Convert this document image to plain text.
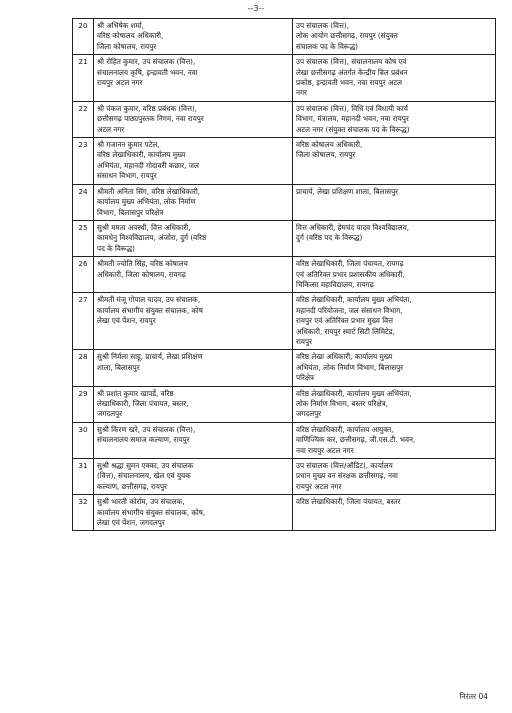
--3--
20	श्री अभिषेक शर्मा,
वरिष्ठ कोषालय अधिकारी,
जिला कोषालय, रायपुर	उप संचालक (वित्त),
लोक आयोग छत्तीसगढ़, रायपुर (संयुक्त
संचालक पद के विरूद्ध)
21	श्री रोहित कुमार, उप संचालक (वित्त),
संचालनालय कृषि, इन्द्रावती भवन, नवा
रायपुर अटल नगर	उप संचालक (वित्त), संचालनालय कोष एवं
लेखा छत्तीसगढ़ अंतर्गत केन्द्रीय बिल प्रबंधन
प्रकोष्ठ, इन्द्रावती भवन, नवा रायपुर अटल
नगर
22	श्री पंकज कुमार, वरिष्ठ प्रबंधक (वित्त),
छत्तीसगढ़ पाठ्यपुस्तक निगम, नवा रायपुर
अटल नगर	उप संचालक (वित्त), विधि एवं विधायी कार्य
विभाग, मंत्रालय, महानदी भवन, नवा रायपुर
अटल नगर (संयुक्त संचालक पद के विरूद्ध)
23	श्री गजानन कुमार पटेल,
वरिष्ठ लेखाधिकारी, कार्यालय मुख्य
अभियंता, महानदी गोदावरी कछार, जल
संसाधन विभाग, रायपुर	वरिष्ठ कोषालय अधिकारी,
जिला कोषालय, रायपुर
24	श्रीमती अनिता सिंग, वरिष्ठ लेखाधिकारी,
कार्यालय मुख्य अभियंता, लोक निर्माण
विभाग, बिलासपुर परिक्षेत्र	प्राचार्य, लेखा प्रशिक्षण शाला, बिलासपुर
25	सुश्री ममता अवस्थी, वित्त अधिकारी,
कामधेनु विश्वविद्यालय, अंजोरा, दुर्ग (वरिष्ठ
पद के विरूद्ध)	वित्त अधिकारी, हेमचंद यादव विश्वविद्यालय,
दुर्ग (वरिष्ठ पद के विरूद्ध)
26	श्रीमती ज्योति सिंह, वरिष्ठ कोषालय
अधिकारी, जिला कोषालय, रायगढ़	वरिष्ठ लेखाधिकारी, जिला पंचायत, रायगढ़
एवं अतिरिक्त प्रभार प्रशासकीय अधिकारी,
चिकित्सा महाविद्यालय, रायगढ़
27	श्रीमती मंजू गोपाल यादव, उप संचालक,
कार्यालय संभागीय संयुक्त संचालक, कोष
लेखा एवं पेंशन, रायपुर	वरिष्ठ लेखाधिकारी, कार्यालय मुख्य अभियंता,
महानदी परियोजना, जल संसाधन विभाग,
रायपुर एवं अतिरिक्त प्रभार मुख्य वित्त
अधिकारी, रायपुर स्मार्ट सिटी लिमिटेड,
रायपुर
28	सुश्री निर्मला साहू, प्राचार्य, लेखा प्रशिक्षण
शाला, बिलासपुर	वरिष्ठ लेखा अधिकारी, कार्यालय मुख्य
अभियंता, लोक निर्माण विभाग, बिलासपुर
परिक्षेत्र
29	श्री प्रशांत कुमार खापर्डे, वरिष्ठ
लेखाधिकारी, जिला पंचायत, बस्तर,
जगदलपुर	वरिष्ठ लेखाधिकारी, कार्यालय मुख्य अभियंता,
लोक निर्माण विभाग, बस्तर परिक्षेत्र,
जगदलपुर
30	सुश्री किरण खरे, उप संचालक (वित्त),
संचालनालय समाज कल्याण, रायपुर	वरिष्ठ लेखाधिकारी, कार्यालय आयुक्त,
वाणिज्यिक कर, छत्तीसगढ़, जी.एस.टी. भवन,
नवा रायपुर अटल नगर
31	सुश्री श्रद्धा सुमन एक्का, उप संचालक
(वित्त), संचालनालय, खेल एवं युवक
कल्याण, छत्तीसगढ़, रायपुर	उप संचालक (वित्त/ऑडिट), कार्यालय
प्रधान मुख्य वन संरक्षक छत्तीसगढ़, नवा
रायपुर अटल नगर
32	सुश्री भारती कोर्राम, उप संचालक,
कार्यालय संभागीय संयुक्त संचालक, कोष,
लेखा एवं पेंशन, जगदलपुर	वरिष्ठ लेखाधिकारी, जिला पंचायत, बस्तर
निरंतर 04
